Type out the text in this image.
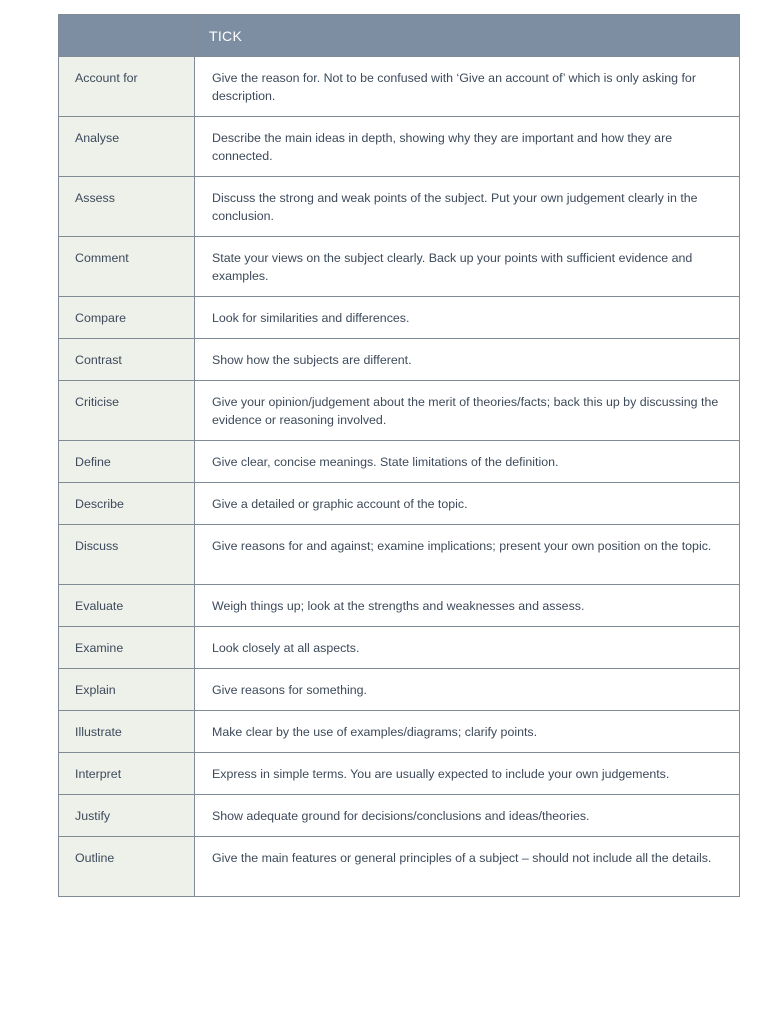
	TICK
Account for	Give the reason for. Not to be confused with ‘Give an account of’ which is only asking for description.
Analyse	Describe the main ideas in depth, showing why they are important and how they are connected.
Assess	Discuss the strong and weak points of the subject. Put your own judgement clearly in the conclusion.
Comment	State your views on the subject clearly. Back up your points with sufficient evidence and examples.
Compare	Look for similarities and differences.
Contrast	Show how the subjects are different.
Criticise	Give your opinion/judgement about the merit of theories/facts; back this up by discussing the evidence or reasoning involved.
Define	Give clear, concise meanings. State limitations of the definition.
Describe	Give a detailed or graphic account of the topic.
Discuss	Give reasons for and against; examine implications; present your own position on the topic.
Evaluate	Weigh things up; look at the strengths and weaknesses and assess.
Examine	Look closely at all aspects.
Explain	Give reasons for something.
Illustrate	Make clear by the use of examples/diagrams; clarify points.
Interpret	Express in simple terms. You are usually expected to include your own judgements.
Justify	Show adequate ground for decisions/conclusions and ideas/theories.
Outline	Give the main features or general principles of a subject – should not include all the details.
